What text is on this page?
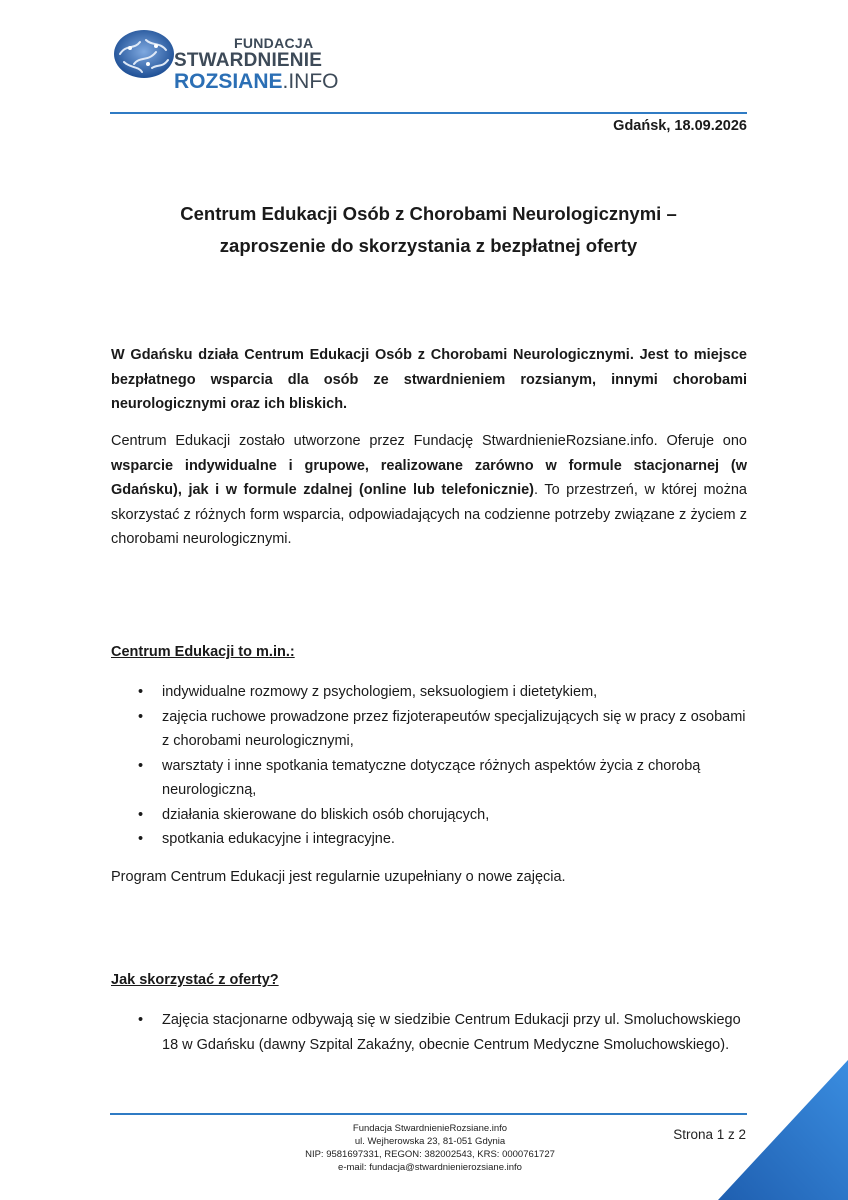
FUNDACJA
STWARDNIENIE
ROZSIANE.INFO
Gdańsk, 18.09.2026
Centrum Edukacji Osób z Chorobami Neurologicznymi –
zaproszenie do skorzystania z bezpłatnej oferty

W Gdańsku działa Centrum Edukacji Osób z Chorobami Neurologicznymi. Jest to miejsce bezpłatnego wsparcia dla osób ze stwardnieniem rozsianym, innymi chorobami neurologicznymi oraz ich bliskich.

Centrum Edukacji zostało utworzone przez Fundację StwardnienieRozsiane.info. Oferuje ono wsparcie indywidualne i grupowe, realizowane zarówno w formule stacjonarnej (w Gdańsku), jak i w formule zdalnej (online lub telefonicznie). To przestrzeń, w której można skorzystać z różnych form wsparcia, odpowiadających na codzienne potrzeby związane z życiem z chorobami neurologicznymi.

Centrum Edukacji to m.in.:
• indywidualne rozmowy z psychologiem, seksuologiem i dietetykiem,
• zajęcia ruchowe prowadzone przez fizjoterapeutów specjalizujących się w pracy z osobami z chorobami neurologicznymi,
• warsztaty i inne spotkania tematyczne dotyczące różnych aspektów życia z chorobą neurologiczną,
• działania skierowane do bliskich osób chorujących,
• spotkania edukacyjne i integracyjne.

Program Centrum Edukacji jest regularnie uzupełniany o nowe zajęcia.

Jak skorzystać z oferty?
• Zajęcia stacjonarne odbywają się w siedzibie Centrum Edukacji przy ul. Smoluchowskiego 18 w Gdańsku (dawny Szpital Zakaźny, obecnie Centrum Medyczne Smoluchowskiego).
Fundacja StwardnienieRozsiane.info
ul. Wejherowska 23, 81-051 Gdynia
NIP: 9581697331, REGON: 382002543, KRS: 0000761727
e-mail: fundacja@stwardnienierozsiane.info
Strona 1 z 2
